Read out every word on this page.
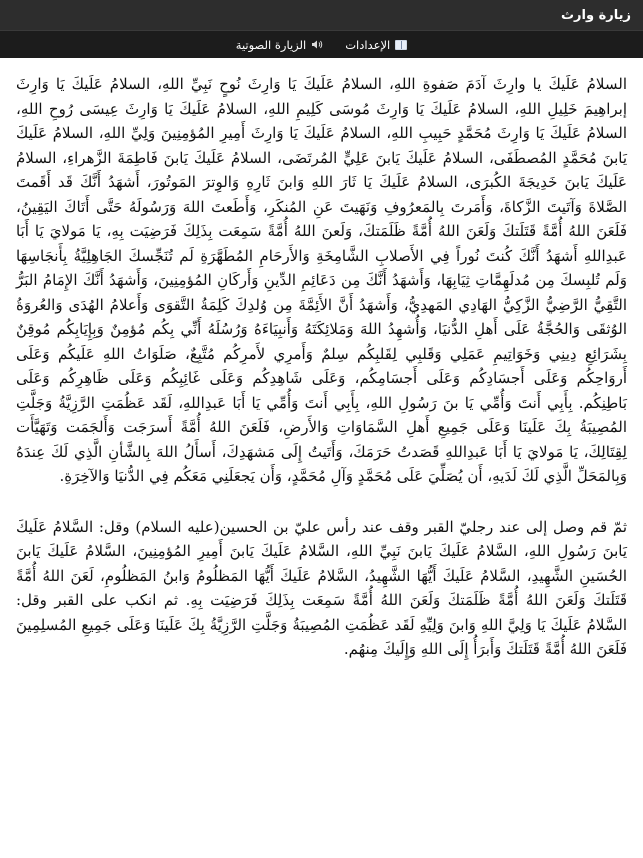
زيارة وارث
الإعدادات
الزيارة الصوتية

السلامُ عَلَيكَ يا وارِثَ آدَمَ صَفوةِ اللهِ، السلامُ عَلَيكَ يَا وَارِثَ نُوحٍ نَبِيِّ اللهِ، السلامُ عَلَيكَ يَا وَارِثَ إبراهِيمَ خَلِيلِ اللهِ، السلامُ عَلَيكَ يَا وَارِثَ مُوسَى كَلِيمِ اللهِ، السلامُ عَلَيكَ يَا وَارِثَ عِيسَى رُوحِ اللهِ، السلامُ عَلَيكَ يَا وَارِثَ مُحَمَّدٍ حَبِيبِ اللهِ، السلامُ عَلَيكَ يَا وَارِثَ أَمِيرِ المُؤمِنِينَ وَلِيِّ اللهِ، السلامُ عَلَيكَ يَابنَ مُحَمَّدٍ المُصطَفَى، السلامُ عَلَيكَ يَابنَ عَلِيٍّ المُرتَضَى، السلامُ عَلَيكَ يَابنَ فَاطِمَةَ الزَّهراءِ، السلامُ عَلَيكَ يَابنَ خَدِيجَةَ الكُبرَى، السلامُ عَلَيكَ يَا ثَارَ اللهِ وَابنَ ثَارِهِ وَالوِترَ المَوتُورَ، أَشهَدُ أَنَّكَ قَد أَقَمتَ الصَّلاةَ وَآتَيتَ الزَّكاةَ، وَأَمَرتَ بِالمَعرُوفِ وَنَهَيتَ عَنِ المُنكَرِ، وَأَطَعتَ اللهَ وَرَسُولَهُ حَتَّى أَتَاكَ اليَقِينُ، فَلَعَنَ اللهُ أُمَّةً قَتَلَتكَ وَلَعَنَ اللهُ أُمَّةً ظَلَمَتكَ، وَلَعنَ اللهُ أُمَّةً سَمِعَت بِذَلِكَ فَرَضِيَت بِهِ، يَا مَولايَ يَا أَبَا عَبدِاللهِ أَشهَدُ أَنَّكَ كُنتَ نُوراً فِي الأَصلابِ الشَّامِخَةِ وَالأَرحَامِ المُطَهَّرَةِ لَم تُنَجِّسكَ الجَاهِلِيَّةُ بِأَنجَاسِهَا وَلَم تُلبِسكَ مِن مُدلَهِمَّاتِ ثِيَابِهَا، وَأَشهَدُ أَنَّكَ مِن دَعَائِمِ الدِّينِ وَأَركَانِ المُؤمِنِينَ، وَأَشهَدُ أَنَّكَ الإِمَامُ البَرُّ التَّقِيُّ الرَّضِيُّ الزَّكِيُّ الهَادِي المَهدِيُّ، وَأَشهَدُ أَنَّ الأَئِمَّةَ مِن وُلدِكَ كَلِمَةُ التَّقوَى وَأَعلامُ الهُدَى وَالعُروَةُ الوُثقَى وَالحُجَّةُ عَلَى أَهلِ الدُّنيَا، وَأُشهِدُ اللهَ وَمَلائِكَتَهُ وَأَنبِيَاءَهُ وَرُسُلَهُ أَنِّي بِكُم مُؤمِنٌ وَبِإِيَابِكُم مُوقِنٌ بِشَرَائِعِ دِينِي وَخَوَاتِيمِ عَمَلِي وَقَلبِي لِقَلبِكُم سِلمٌ وَأَمرِي لأَمرِكُم مُتَّبِعٌ، صَلَوَاتُ اللهِ عَلَيكُم وَعَلَى أَروَاحِكُم وَعَلَى أَجسَادِكُم وَعَلَى أَجسَامِكُم، وَعَلَى شَاهِدِكُم وَعَلَى غَائِبِكُم وَعَلَى ظَاهِرِكُم وَعَلَى بَاطِنِكُم. بِأَبِي أَنتَ وَأُمِّي يَا بنَ رَسُولِ اللهِ، بِأَبِي أَنتَ وَأُمِّي يَا أَبَا عَبدِاللهِ، لَقَد عَظُمَتِ الرَّزِيَّةُ وَجَلَّتِ المُصِيبَةُ بِكَ عَلَينَا وَعَلَى جَمِيعِ أَهلِ السَّمَاوَاتِ وَالأَرضِ، فَلَعَنَ اللهُ أُمَّةً أَسرَجَت وَأَلجَمَت وَتَهَيَّأَت لِقِتَالِكَ، يَا مَولايَ يَا أَبَا عَبدِاللهِ قَصَدتُ حَرَمَكَ، وَأَتَيتُ إِلَى مَشهَدِكَ، أَسأَلُ اللهَ بِالشَّأنِ الَّذِي لَكَ عِندَهُ وَبِالمَحَلِّ الَّذِي لَكَ لَدَيهِ، أَن يُصَلِّيَ عَلَى مُحَمَّدٍ وَآلِ مُحَمَّدٍ، وَأَن يَجعَلَنِي مَعَكُم فِي الدُّنيَا وَالآخِرَةِ.

ثمّ قم وصل إلى عند رجليّ القبر وقف عند رأس عليّ بن الحسين(عليه السلام) وقل: السَّلامُ عَلَيكَ يَابنَ رَسُولِ اللهِ، السَّلامُ عَلَيكَ يَابنَ نَبِيِّ اللهِ، السَّلامُ عَلَيكَ يَابنَ أَمِيرِ المُؤمِنِينَ، السَّلامُ عَلَيكَ يَابنَ الحُسَينِ الشَّهِيدِ، السَّلامُ عَلَيكَ أَيُّهَا الشَّهِيدُ، السَّلامُ عَلَيكَ أَيُّهَا المَظلُومُ وَابنُ المَظلُومِ، لَعَنَ اللهُ أُمَّةً قَتَلَتكَ وَلَعَنَ اللهُ أُمَّةً ظَلَمَتكَ وَلَعَنَ اللهُ أُمَّةً سَمِعَت بِذَلِكَ فَرَضِيَت بِهِ. ثم انكب على القبر وقل: السَّلامُ عَلَيكَ يَا وَلِيَّ اللهِ وَابنَ وَلِيِّهِ لَقَد عَظُمَتِ المُصِيبَةُ وَجَلَّتِ الرَّزِيَّةُ بِكَ عَلَينَا وَعَلَى جَمِيعِ المُسلِمِينَ فَلَعَنَ اللهُ أُمَّةً قَتَلَتكَ وَأَبرَأُ إِلَى اللهِ وَإِلَيكَ مِنهُم.
